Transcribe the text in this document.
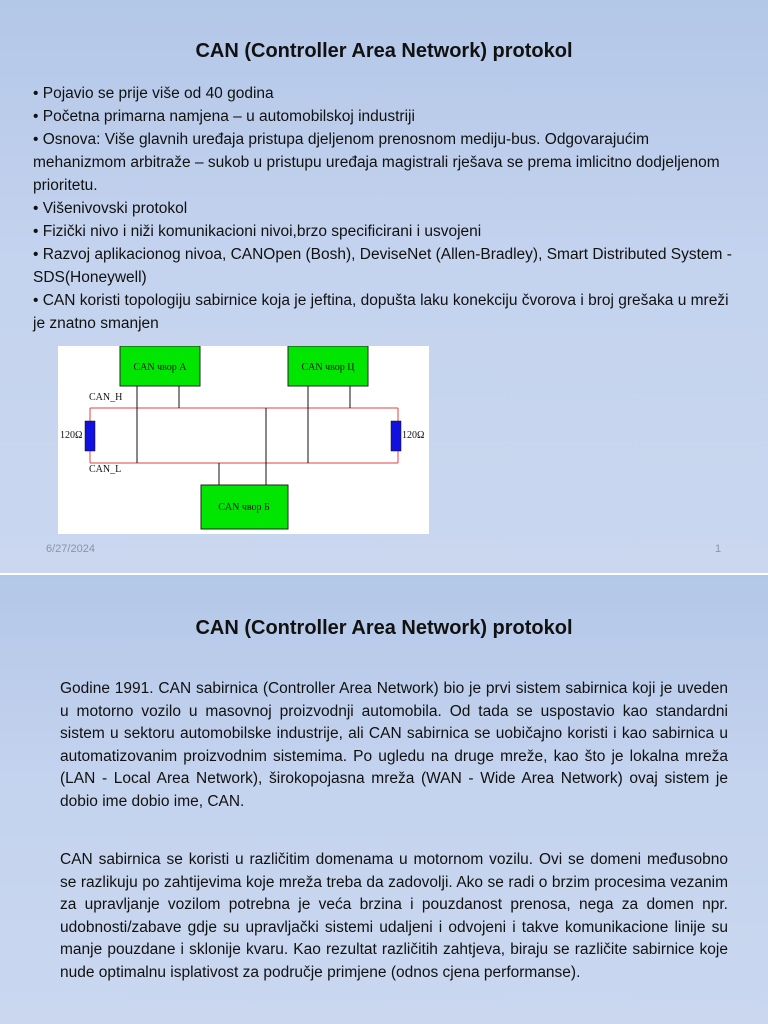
CAN (Controller Area Network) protokol
• Pojavio se prije više od 40 godina
• Početna primarna namjena – u automobilskoj industriji
• Osnova: Više glavnih uređaja pristupa djeljenom prenosnom mediju-bus. Odgovarajućim mehanizmom arbitraže – sukob u pristupu uređaja magistrali rješava se prema imlicitno dodjeljenom prioritetu.
• Višenivovski protokol
• Fizički nivo i niži komunikacioni nivoi,brzo specificirani i usvojeni
• Razvoj aplikacionog nivoa, CANOpen (Bosh), DeviseNet (Allen-Bradley), Smart Distributed System - SDS(Honeywell)
• CAN koristi topologiju sabirnice koja je jeftina, dopušta laku konekciju čvorova i broj grešaka u mreži je znatno smanjen
CAN чвор А	CAN чвор Ц
CAN чвор Б
CAN_H
CAN_L
120Ω	120Ω
6/27/2024	1
CAN (Controller Area Network) protokol
Godine 1991. CAN sabirnica (Controller Area Network) bio je prvi sistem sabirnica koji je uveden u motorno vozilo u masovnoj proizvodnji automobila. Od tada se uspostavio kao standardni sistem u sektoru automobilske industrije, ali CAN sabirnica se uobičajno koristi i kao sabirnica u automatizovanim proizvodnim sistemima. Po ugledu na druge mreže, kao što je lokalna mreža (LAN - Local Area Network), širokopojasna mreža (WAN - Wide Area Network) ovaj sistem je dobio ime dobio ime, CAN.
CAN sabirnica se koristi u različitim domenama u motornom vozilu. Ovi se domeni međusobno se razlikuju po zahtijevima koje mreža treba da zadovolji. Ako se radi o brzim procesima vezanim za upravljanje vozilom potrebna je veća brzina i pouzdanost prenosa, nega za domen npr. udobnosti/zabave gdje su upravljački sistemi udaljeni i odvojeni i takve komunikacione linije su manje pouzdane i sklonije kvaru. Kao rezultat različitih zahtjeva, biraju se različite sabirnice koje nude optimalnu isplativost za područje primjene (odnos cjena performanse).
